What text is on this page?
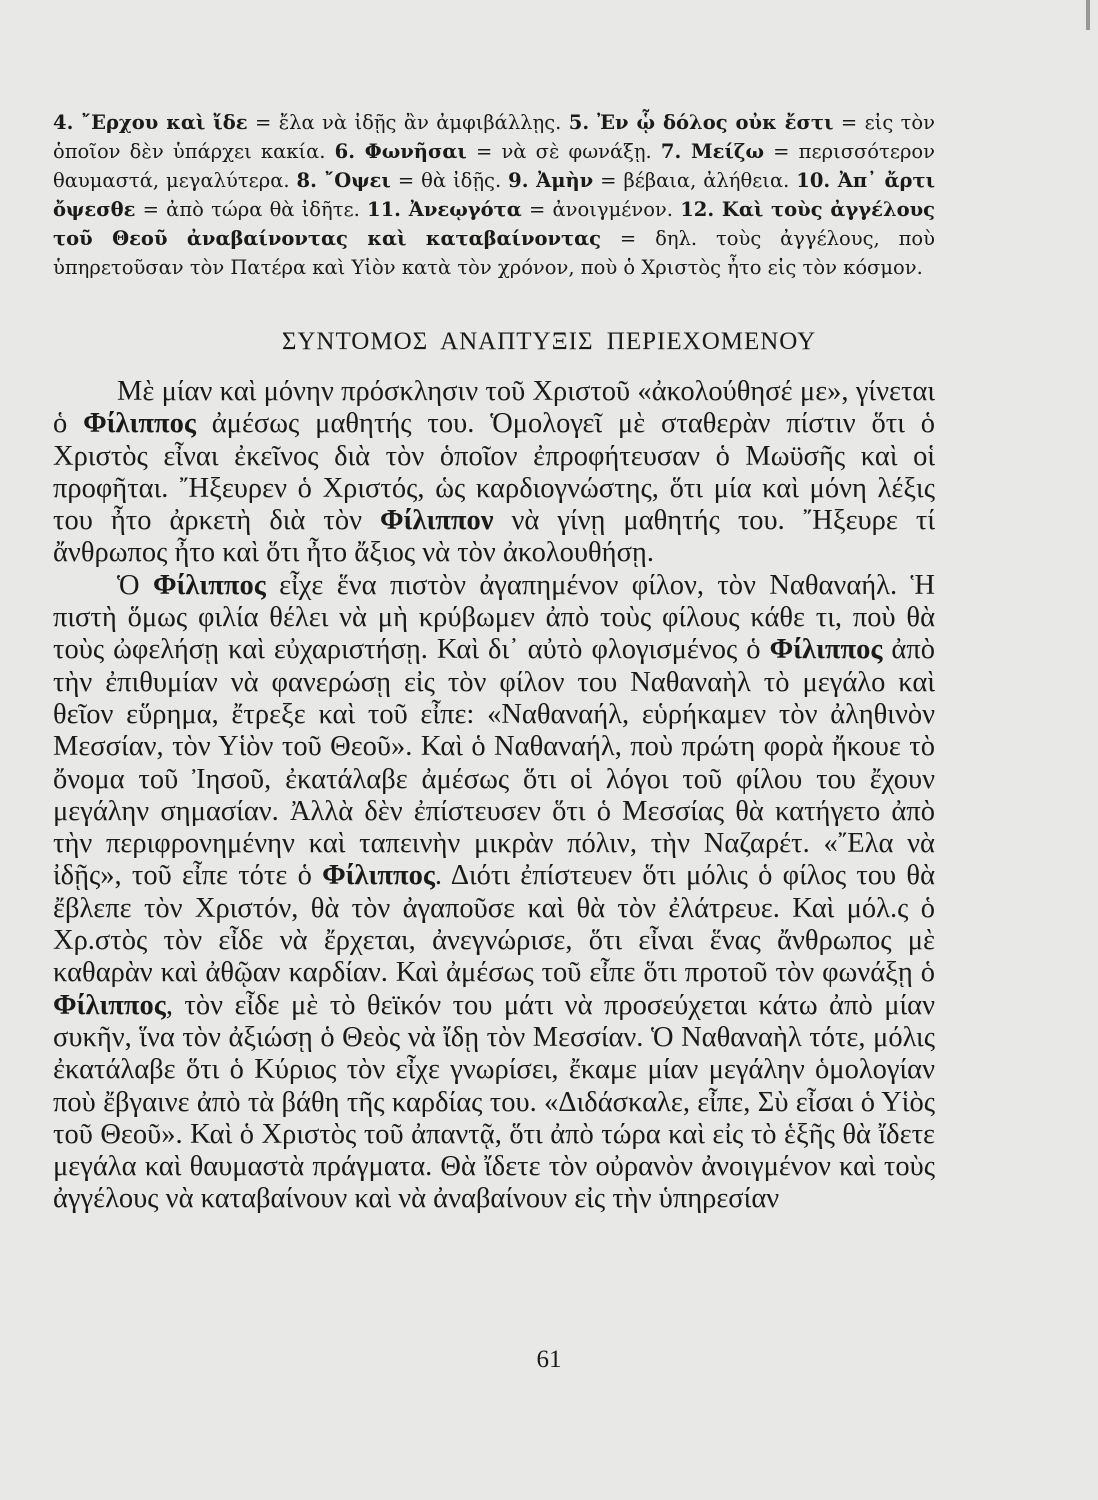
4. ῎Ερχου καὶ ἴδε = ἔλα νὰ ἰδῇς ἂν ἀμφιβάλλῃς. 5. Ἐν ᾧ δόλος οὐκ ἔστι = εἰς τὸν ὁποῖον δὲν ὑπάρχει κακία. 6. Φωνῆσαι = νὰ σὲ φωνάξῃ. 7. Μείζω = περισσότερον θαυμαστά, μεγαλύτερα. 8. ῎Οψει = θὰ ἰδῇς. 9. Ἀμὴν = βέβαια, ἀλήθεια. 10. Ἀπ᾽ ἄρτι ὄψεσθε = ἀπὸ τώρα θὰ ἰδῆτε. 11. Ἀνεῳγότα = ἀνοιγμένον. 12. Καὶ τοὺς ἀγγέλους τοῦ Θεοῦ ἀναβαίνοντας καὶ καταβαίνοντας = δηλ. τοὺς ἀγγέλους, ποὺ ὑπηρετοῦσαν τὸν Πατέρα καὶ Υἱὸν κατὰ τὸν χρόνον, ποὺ ὁ Χριστὸς ἦτο εἰς τὸν κόσμον.
ΣΥΝΤΟΜΟΣ ΑΝΑΠΤΥΞΙΣ ΠΕΡΙΕΧΟΜΕΝΟΥ

Μὲ μίαν καὶ μόνην πρόσκλησιν τοῦ Χριστοῦ «ἀκολούθησέ με», γίνεται ὁ Φίλιππος ἀμέσως μαθητής του. Ὁμολογεῖ μὲ σταθερὰν πίστιν ὅτι ὁ Χριστὸς εἶναι ἐκεῖνος διὰ τὸν ὁποῖον ἐπροφήτευσαν ὁ Μωϋσῆς καὶ οἱ προφῆται. ῎Ηξευρεν ὁ Χριστός, ὡς καρδιογνώστης, ὅτι μία καὶ μόνη λέξις του ἦτο ἀρκετὴ διὰ τὸν Φίλιππον νὰ γίνῃ μαθητής του. ῎Ηξευρε τί ἄνθρωπος ἦτο καὶ ὅτι ἦτο ἄξιος νὰ τὸν ἀκολουθήσῃ.

Ὁ Φίλιππος εἶχε ἕνα πιστὸν ἀγαπημένον φίλον, τὸν Ναθαναήλ. Ἡ πιστὴ ὅμως φιλία θέλει νὰ μὴ κρύβωμεν ἀπὸ τοὺς φίλους κάθε τι, ποὺ θὰ τοὺς ὠφελήσῃ καὶ εὐχαριστήσῃ. Καὶ δι᾽ αὐτὸ φλογισμένος ὁ Φίλιππος ἀπὸ τὴν ἐπιθυμίαν νὰ φανερώσῃ εἰς τὸν φίλον του Ναθαναὴλ τὸ μεγάλο καὶ θεῖον εὕρημα, ἔτρεξε καὶ τοῦ εἶπε: «Ναθαναήλ, εὑρήκαμεν τὸν ἀληθινὸν Μεσσίαν, τὸν Υἱὸν τοῦ Θεοῦ». Καὶ ὁ Ναθαναήλ, ποὺ πρώτη φορὰ ἤκουε τὸ ὄνομα τοῦ Ἰησοῦ, ἐκατάλαβε ἀμέσως ὅτι οἱ λόγοι τοῦ φίλου του ἔχουν μεγάλην σημασίαν. Ἀλλὰ δὲν ἐπίστευσεν ὅτι ὁ Μεσσίας θὰ κατήγετο ἀπὸ τὴν περιφρονημένην καὶ ταπεινὴν μικρὰν πόλιν, τὴν Ναζαρέτ. «῎Ελα νὰ ἰδῇς», τοῦ εἶπε τότε ὁ Φίλιππος. Διότι ἐπίστευεν ὅτι μόλις ὁ φίλος του θὰ ἔβλεπε τὸν Χριστόν, θὰ τὸν ἀγαποῦσε καὶ θὰ τὸν ἐλάτρευε. Καὶ μόλ.ς ὁ Χρ.στὸς τὸν εἶδε νὰ ἔρχεται, ἀνεγνώρισε, ὅτι εἶναι ἕνας ἄνθρωπος μὲ καθαρὰν καὶ ἀθῷαν καρδίαν. Καὶ ἀμέσως τοῦ εἶπε ὅτι προτοῦ τὸν φωνάξῃ ὁ Φίλιππος, τὸν εἶδε μὲ τὸ θεϊκόν του μάτι νὰ προσεύχεται κάτω ἀπὸ μίαν συκῆν, ἵνα τὸν ἀξιώσῃ ὁ Θεὸς νὰ ἴδῃ τὸν Μεσσίαν. Ὁ Ναθαναὴλ τότε, μόλις ἐκατάλαβε ὅτι ὁ Κύριος τὸν εἶχε γνωρίσει, ἔκαμε μίαν μεγάλην ὁμολογίαν ποὺ ἔβγαινε ἀπὸ τὰ βάθη τῆς καρδίας του. «Διδάσκαλε, εἶπε, Σὺ εἶσαι ὁ Υἱὸς τοῦ Θεοῦ». Καὶ ὁ Χριστὸς τοῦ ἀπαντᾷ, ὅτι ἀπὸ τώρα καὶ εἰς τὸ ἑξῆς θὰ ἴδετε μεγάλα καὶ θαυμαστὰ πράγματα. Θὰ ἴδετε τὸν οὐρανὸν ἀνοιγμένον καὶ τοὺς ἀγγέλους νὰ καταβαίνουν καὶ νὰ ἀναβαίνουν εἰς τὴν ὑπηρεσίαν

61
